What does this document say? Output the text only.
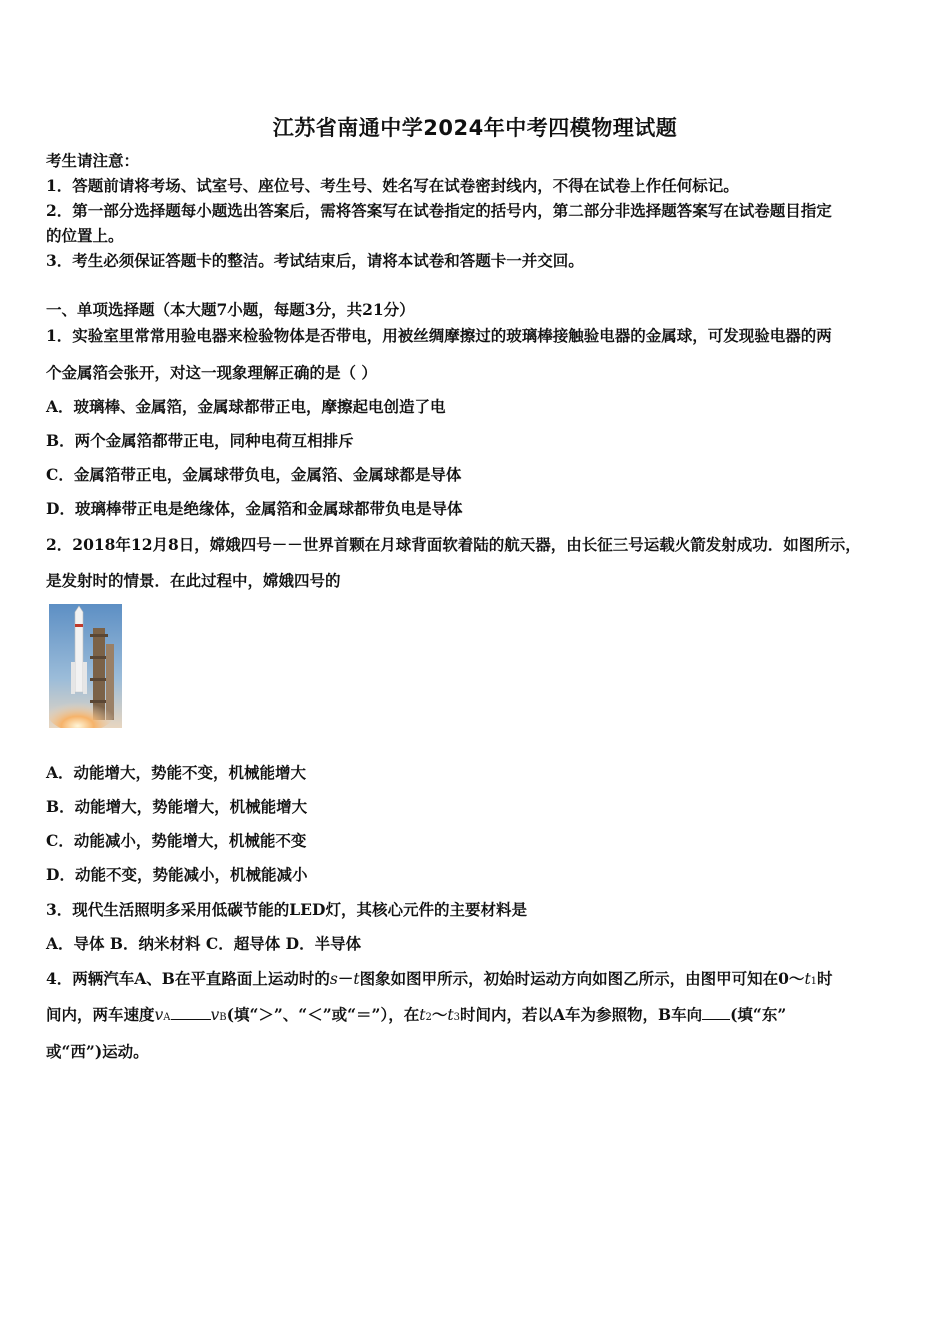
江苏省南通中学2024年中考四模物理试题
考生请注意：
1．答题前请将考场、试室号、座位号、考生号、姓名写在试卷密封线内，不得在试卷上作任何标记。
2．第一部分选择题每小题选出答案后，需将答案写在试卷指定的括号内，第二部分非选择题答案写在试卷题目指定
的位置上。
3．考生必须保证答题卡的整洁。考试结束后，请将本试卷和答题卡一并交回。
一、单项选择题（本大题7小题，每题3分，共21分）
1．实验室里常常用验电器来检验物体是否带电，用被丝绸摩擦过的玻璃棒接触验电器的金属球，可发现验电器的两
个金属箔会张开，对这一现象理解正确的是（ ）
A．玻璃棒、金属箔，金属球都带正电，摩擦起电创造了电
B．两个金属箔都带正电，同种电荷互相排斥
C．金属箔带正电，金属球带负电，金属箔、金属球都是导体
D．玻璃棒带正电是绝缘体，金属箔和金属球都带负电是导体
2．2018年12月8日，嫦娥四号－－世界首颗在月球背面软着陆的航天器，由长征三号运载火箭发射成功．如图所示，
是发射时的情景．在此过程中，嫦娥四号的
A．动能增大，势能不变，机械能增大
B．动能增大，势能增大，机械能增大
C．动能减小，势能增大，机械能不变
D．动能不变，势能减小，机械能减小
3．现代生活照明多采用低碳节能的LED灯，其核心元件的主要材料是
A．导体 B．纳米材料 C．超导体 D．半导体
4．两辆汽车A、B在平直路面上运动时的s－t图象如图甲所示，初始时运动方向如图乙所示，由图甲可知在0～t1时
间内，两车速度vA	vB(填“＞”、“＜”或“＝”），在t2～t3时间内，若以A车为参照物，B车向 (填“东”
或“西”)运动。
